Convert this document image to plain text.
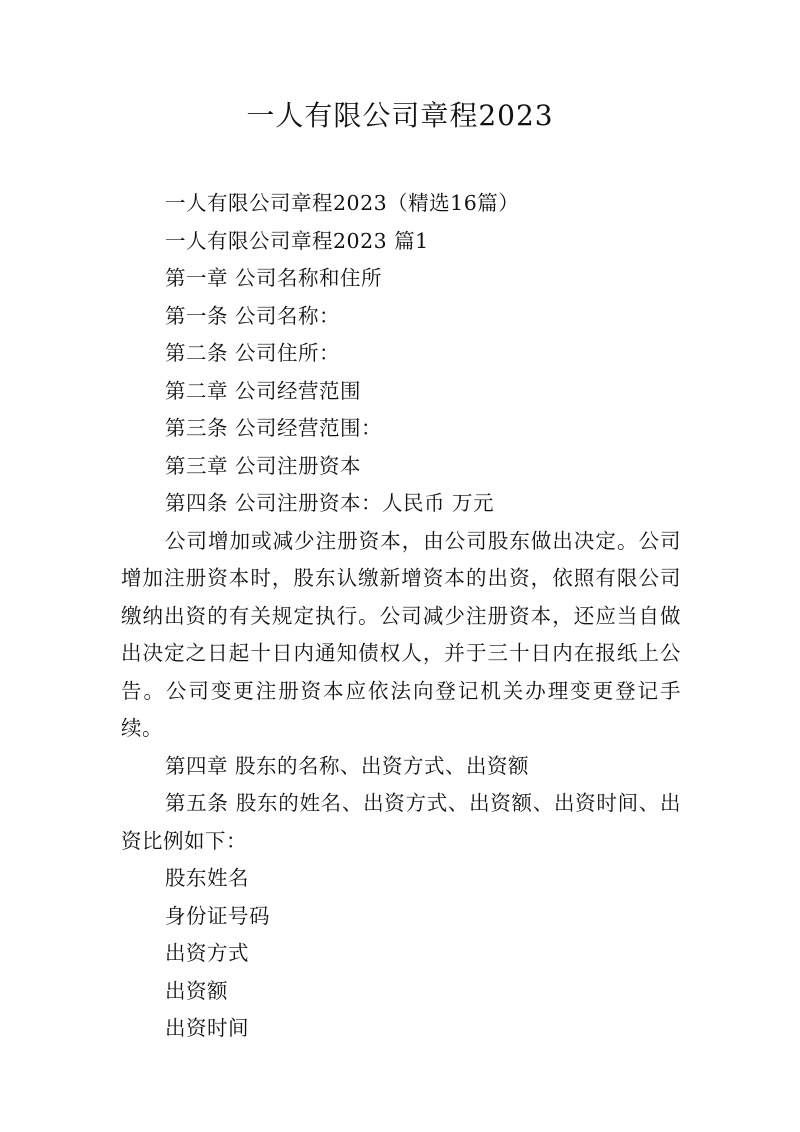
一人有限公司章程2023

一人有限公司章程2023（精选16篇）

一人有限公司章程2023 篇1

第一章 公司名称和住所

第一条 公司名称：

第二条 公司住所：

第二章 公司经营范围

第三条 公司经营范围：

第三章 公司注册资本

第四条 公司注册资本：人民币 万元

公司增加或减少注册资本，由公司股东做出决定。公司增加注册资本时，股东认缴新增资本的出资，依照有限公司缴纳出资的有关规定执行。公司减少注册资本，还应当自做出决定之日起十日内通知债权人，并于三十日内在报纸上公告。公司变更注册资本应依法向登记机关办理变更登记手续。

第四章 股东的名称、出资方式、出资额

第五条 股东的姓名、出资方式、出资额、出资时间、出资比例如下：

股东姓名

身份证号码

出资方式

出资额

出资时间
